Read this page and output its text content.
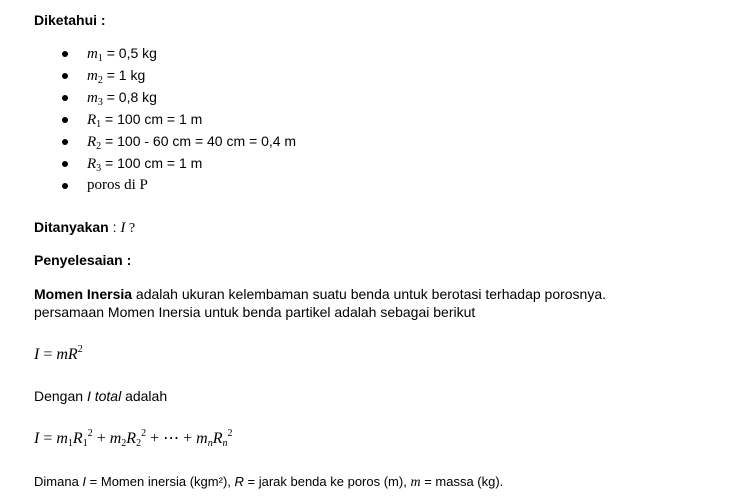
Diketahui :
$m_1 = 0,5$ kg
$m_2 = 1$ kg
$m_3 = 0,8$ kg
$R_1 = 100$ cm = 1 m
$R_2 = 100 - 60$ cm = 40 cm = 0,4 m
$R_3 = 100$ cm = 1 m
poros di P
Ditanyakan : I ?
Penyelesaian :
Momen Inersia adalah ukuran kelembaman suatu benda untuk berotasi terhadap porosnya.
persamaan Momen Inersia untuk benda partikel adalah sebagai berikut
$I = mR^2$
Dengan I total adalah
$I = m_1R_1^2 + m_2R_2^2$ + ⋯ + mnRn$^2$
Dimana I = Momen inersia (kgm²), R = jarak benda ke poros (m), m = massa (kg).
